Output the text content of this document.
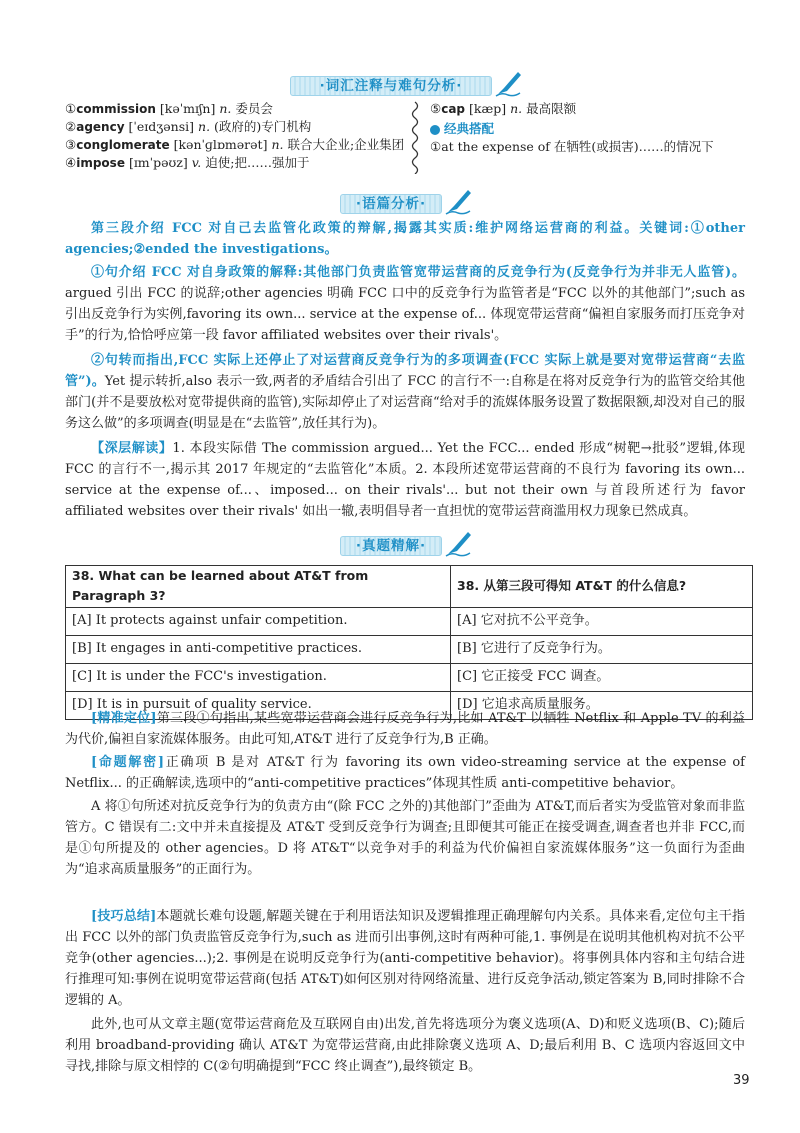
·词汇注释与难句分析·
①commission [kəˈmɪʃn] n. 委员会
②agency [ˈeɪdʒənsi] n. (政府的)专门机构
③conglomerate [kənˈɡlɒmərət] n. 联合大企业;企业集团
④impose [ɪmˈpəʊz] v. 迫使;把……强加于
⑤cap [kæp] n. 最高限额
经典搭配
①at the expense of 在牺牲(或损害)……的情况下
·语篇分析·
第三段介绍 FCC 对自己去监管化政策的辩解,揭露其实质:维护网络运营商的利益。关键词:①other agencies;②ended the investigations。
①句介绍 FCC 对自身政策的解释:其他部门负责监管宽带运营商的反竞争行为(反竞争行为并非无人监管)。argued 引出 FCC 的说辞;other agencies 明确 FCC 口中的反竞争行为监管者是“FCC 以外的其他部门”;such as 引出反竞争行为实例,favoring its own... service at the expense of... 体现宽带运营商“偏袒自家服务而打压竞争对手”的行为,恰恰呼应第一段 favor affiliated websites over their rivals'。
②句转而指出,FCC 实际上还停止了对运营商反竞争行为的多项调查(FCC 实际上就是要对宽带运营商“去监管”)。Yet 提示转折,also 表示一致,两者的矛盾结合引出了 FCC 的言行不一:自称是在将对反竞争行为的监管交给其他部门(并不是要放松对宽带提供商的监管),实际却停止了对运营商“给对手的流媒体服务设置了数据限额,却没对自己的服务这么做”的多项调查(明显是在“去监管”,放任其行为)。
【深层解读】1. 本段实际借 The commission argued... Yet the FCC... ended 形成“树靶→批驳”逻辑,体现 FCC 的言行不一,揭示其 2017 年规定的“去监管化”本质。2. 本段所述宽带运营商的不良行为 favoring its own... service at the expense of...、imposed... on their rivals'... but not their own 与首段所述行为 favor affiliated websites over their rivals' 如出一辙,表明倡导者一直担忧的宽带运营商滥用权力现象已然成真。
·真题精解·
38. What can be learned about AT&T from Paragraph 3?	38. 从第三段可得知 AT&T 的什么信息?
[A] It protects against unfair competition.	[A] 它对抗不公平竞争。
[B] It engages in anti-competitive practices.	[B] 它进行了反竞争行为。
[C] It is under the FCC's investigation.	[C] 它正接受 FCC 调查。
[D] It is in pursuit of quality service.	[D] 它追求高质量服务。
[精准定位]第三段①句指出,某些宽带运营商会进行反竞争行为,比如 AT&T 以牺牲 Netflix 和 Apple TV 的利益为代价,偏袒自家流媒体服务。由此可知,AT&T 进行了反竞争行为,B 正确。
[命题解密]正确项 B 是对 AT&T 行为 favoring its own video-streaming service at the expense of Netflix... 的正确解读,选项中的“anti-competitive practices”体现其性质 anti-competitive behavior。
A 将①句所述对抗反竞争行为的负责方由“(除 FCC 之外的)其他部门”歪曲为 AT&T,而后者实为受监管对象而非监管方。C 错误有二:文中并未直接提及 AT&T 受到反竞争行为调查;且即便其可能正在接受调查,调查者也并非 FCC,而是①句所提及的 other agencies。D 将 AT&T“以竞争对手的利益为代价偏袒自家流媒体服务”这一负面行为歪曲为“追求高质量服务”的正面行为。
[技巧总结]本题就长难句设题,解题关键在于利用语法知识及逻辑推理正确理解句内关系。具体来看,定位句主干指出 FCC 以外的部门负责监管反竞争行为,such as 进而引出事例,这时有两种可能,1. 事例是在说明其他机构对抗不公平竞争(other agencies...);2. 事例是在说明反竞争行为(anti-competitive behavior)。将事例具体内容和主句结合进行推理可知:事例在说明宽带运营商(包括 AT&T)如何区别对待网络流量、进行反竞争活动,锁定答案为 B,同时排除不合逻辑的 A。
此外,也可从文章主题(宽带运营商危及互联网自由)出发,首先将选项分为褒义选项(A、D)和贬义选项(B、C);随后利用 broadband-providing 确认 AT&T 为宽带运营商,由此排除褒义选项 A、D;最后利用 B、C 选项内容返回文中寻找,排除与原文相悖的 C(②句明确提到“FCC 终止调查”),最终锁定 B。
39
